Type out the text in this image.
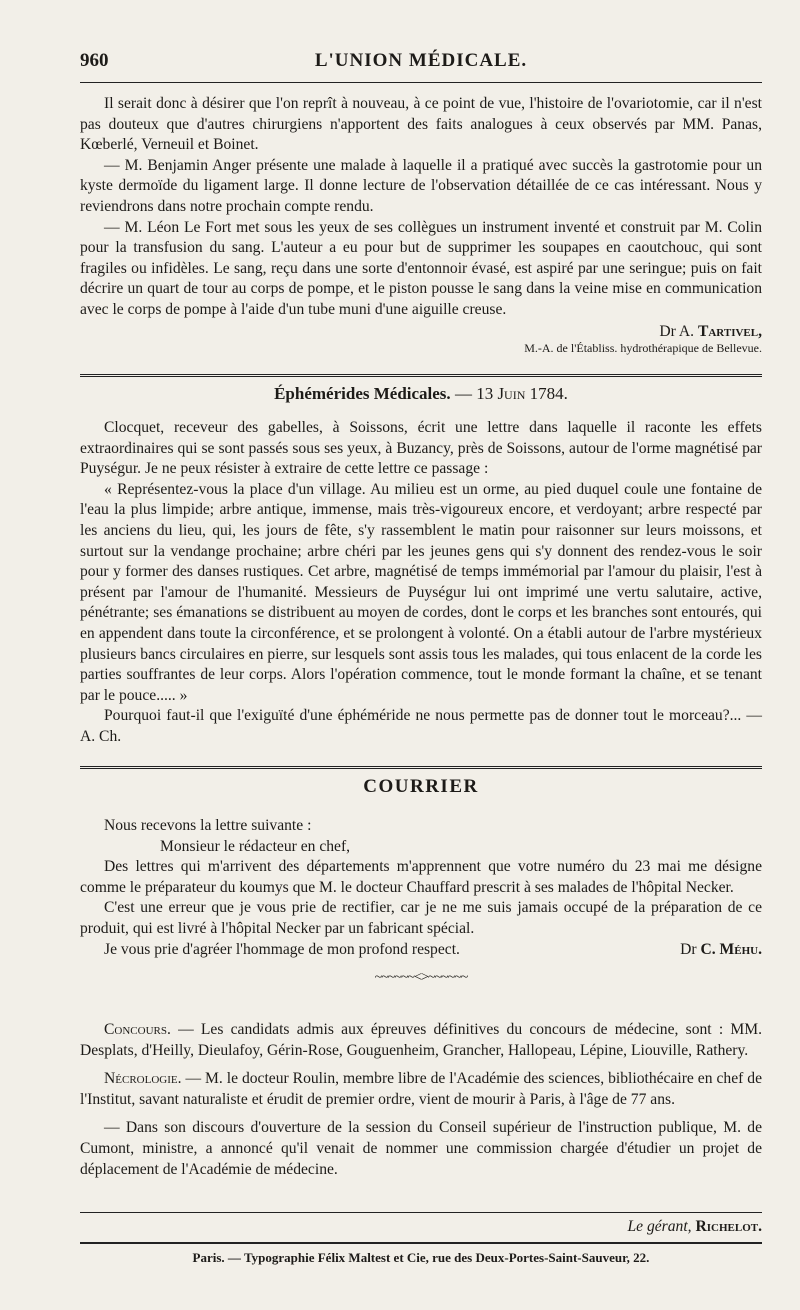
960	L'UNION MÉDICALE.

Il serait donc à désirer que l'on reprît à nouveau, à ce point de vue, l'histoire de l'ovariotomie, car il n'est pas douteux que d'autres chirurgiens n'apportent des faits analogues à ceux observés par MM. Panas, Kœberlé, Verneuil et Boinet.

— M. Benjamin Anger présente une malade à laquelle il a pratiqué avec succès la gastrotomie pour un kyste dermoïde du ligament large. Il donne lecture de l'observation détaillée de ce cas intéressant. Nous y reviendrons dans notre prochain compte rendu.

— M. Léon Le Fort met sous les yeux de ses collègues un instrument inventé et construit par M. Colin pour la transfusion du sang. L'auteur a eu pour but de supprimer les soupapes en caoutchouc, qui sont fragiles ou infidèles. Le sang, reçu dans une sorte d'entonnoir évasé, est aspiré par une seringue; puis on fait décrire un quart de tour au corps de pompe, et le piston pousse le sang dans la veine mise en communication avec le corps de pompe à l'aide d'un tube muni d'une aiguille creuse.

Dr A. Tartivel,
M.-A. de l'Établiss. hydrothérapique de Bellevue.
Éphémérides Médicales. — 13 Juin 1784.

Clocquet, receveur des gabelles, à Soissons, écrit une lettre dans laquelle il raconte les effets extraordinaires qui se sont passés sous ses yeux, à Buzancy, près de Soissons, autour de l'orme magnétisé par Puységur. Je ne peux résister à extraire de cette lettre ce passage :

« Représentez-vous la place d'un village. Au milieu est un orme, au pied duquel coule une fontaine de l'eau la plus limpide; arbre antique, immense, mais très-vigoureux encore, et verdoyant; arbre respecté par les anciens du lieu, qui, les jours de fête, s'y rassemblent le matin pour raisonner sur leurs moissons, et surtout sur la vendange prochaine; arbre chéri par les jeunes gens qui s'y donnent des rendez-vous le soir pour y former des danses rustiques. Cet arbre, magnétisé de temps immémorial par l'amour du plaisir, l'est à présent par l'amour de l'humanité. Messieurs de Puységur lui ont imprimé une vertu salutaire, active, pénétrante; ses émanations se distribuent au moyen de cordes, dont le corps et les branches sont entourés, qui en appendent dans toute la circonférence, et se prolongent à volonté. On a établi autour de l'arbre mystérieux plusieurs bancs circulaires en pierre, sur lesquels sont assis tous les malades, qui tous enlacent de la corde les parties souffrantes de leur corps. Alors l'opération commence, tout le monde formant la chaîne, et se tenant par le pouce..... »

Pourquoi faut-il que l'exiguïté d'une éphéméride ne nous permette pas de donner tout le morceau?... — A. Ch.

COURRIER

Nous recevons la lettre suivante :

Monsieur le rédacteur en chef,

Des lettres qui m'arrivent des départements m'apprennent que votre numéro du 23 mai me désigne comme le préparateur du koumys que M. le docteur Chauffard prescrit à ses malades de l'hôpital Necker.

C'est une erreur que je vous prie de rectifier, car je ne me suis jamais occupé de la préparation de ce produit, qui est livré à l'hôpital Necker par un fabricant spécial.

Je vous prie d'agréer l'hommage de mon profond respect.	Dr C. Méhu.

~~~~~~<>~~~~~~

Concours. — Les candidats admis aux épreuves définitives du concours de médecine, sont : MM. Desplats, d'Heilly, Dieulafoy, Gérin-Rose, Gouguenheim, Grancher, Hallopeau, Lépine, Liouville, Rathery.

Nécrologie. — M. le docteur Roulin, membre libre de l'Académie des sciences, bibliothécaire en chef de l'Institut, savant naturaliste et érudit de premier ordre, vient de mourir à Paris, à l'âge de 77 ans.

— Dans son discours d'ouverture de la session du Conseil supérieur de l'instruction publique, M. de Cumont, ministre, a annoncé qu'il venait de nommer une commission chargée d'étudier un projet de déplacement de l'Académie de médecine.

Le gérant, Richelot.
Paris. — Typographie Félix Maltest et Cie, rue des Deux-Portes-Saint-Sauveur, 22.
